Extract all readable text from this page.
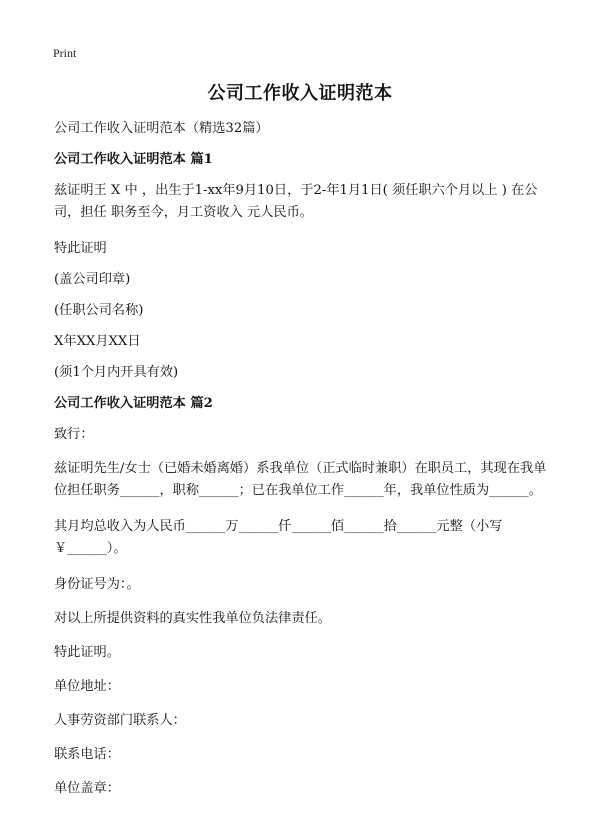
Print
公司工作收入证明范本

公司工作收入证明范本（精选32篇）

公司工作收入证明范本 篇1

兹证明王 X 中 ，出生于1-xx年9月10日，于2-年1月1日( 须任职六个月以上 ) 在公司，担任 职务至今，月工资收入 元人民币。

特此证明

(盖公司印章)

(任职公司名称)

X年XX月XX日

(须1个月内开具有效)

公司工作收入证明范本 篇2

致行：

兹证明先生/女士（已婚未婚离婚）系我单位（正式临时兼职）在职员工，其现在我单位担任职务______，职称______；已在我单位工作______年，我单位性质为______。

其月均总收入为人民币______万______仟______佰______拾______元整（小写￥______）。

身份证号为：。

对以上所提供资料的真实性我单位负法律责任。

特此证明。

单位地址：

人事劳资部门联系人：

联系电话：

单位盖章：
